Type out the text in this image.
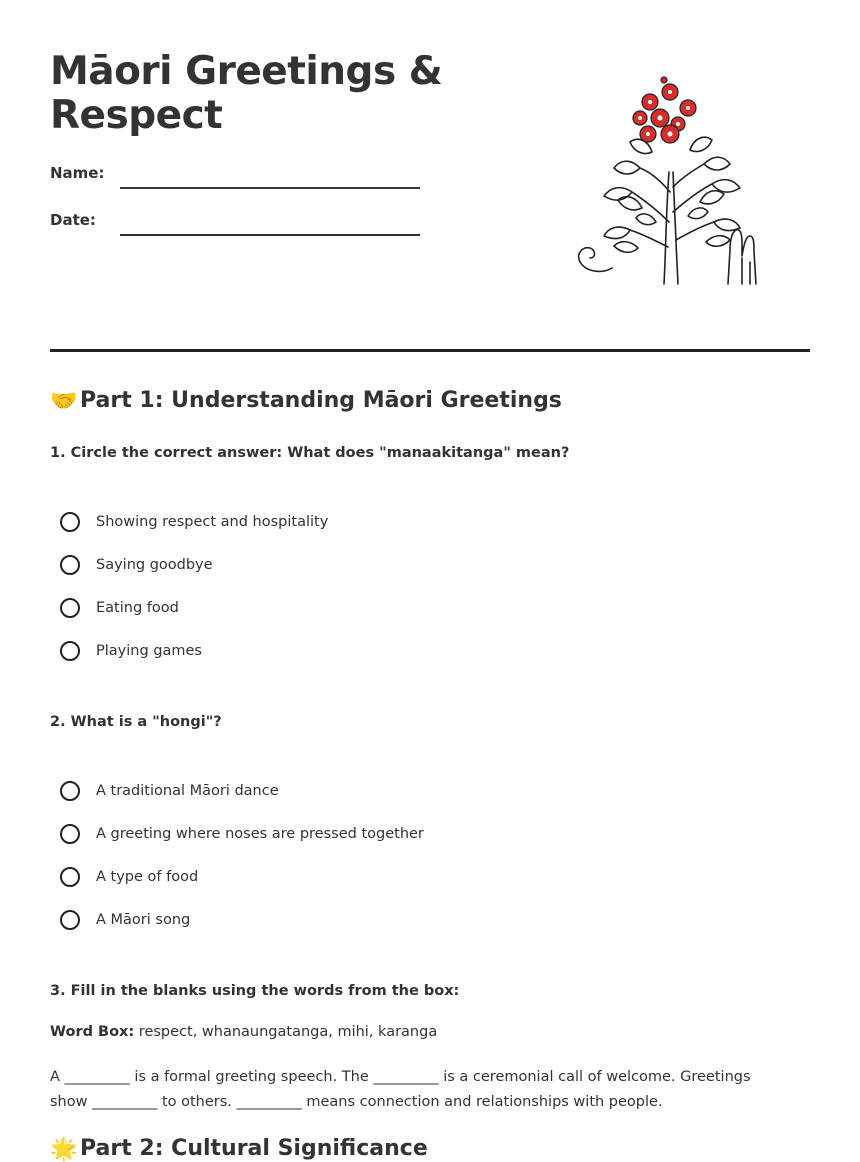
Māori Greetings & Respect
Name:
Date:
🤝 Part 1: Understanding Māori Greetings
1. Circle the correct answer: What does "manaakitanga" mean?
Showing respect and hospitality
Saying goodbye
Eating food
Playing games
2. What is a "hongi"?
A traditional Māori dance
A greeting where noses are pressed together
A type of food
A Māori song
3. Fill in the blanks using the words from the box:
Word Box: respect, whanaungatanga, mihi, karanga
A _________ is a formal greeting speech. The _________ is a ceremonial call of welcome. Greetings show _________ to others. _________ means connection and relationships with people.
🌟 Part 2: Cultural Significance
